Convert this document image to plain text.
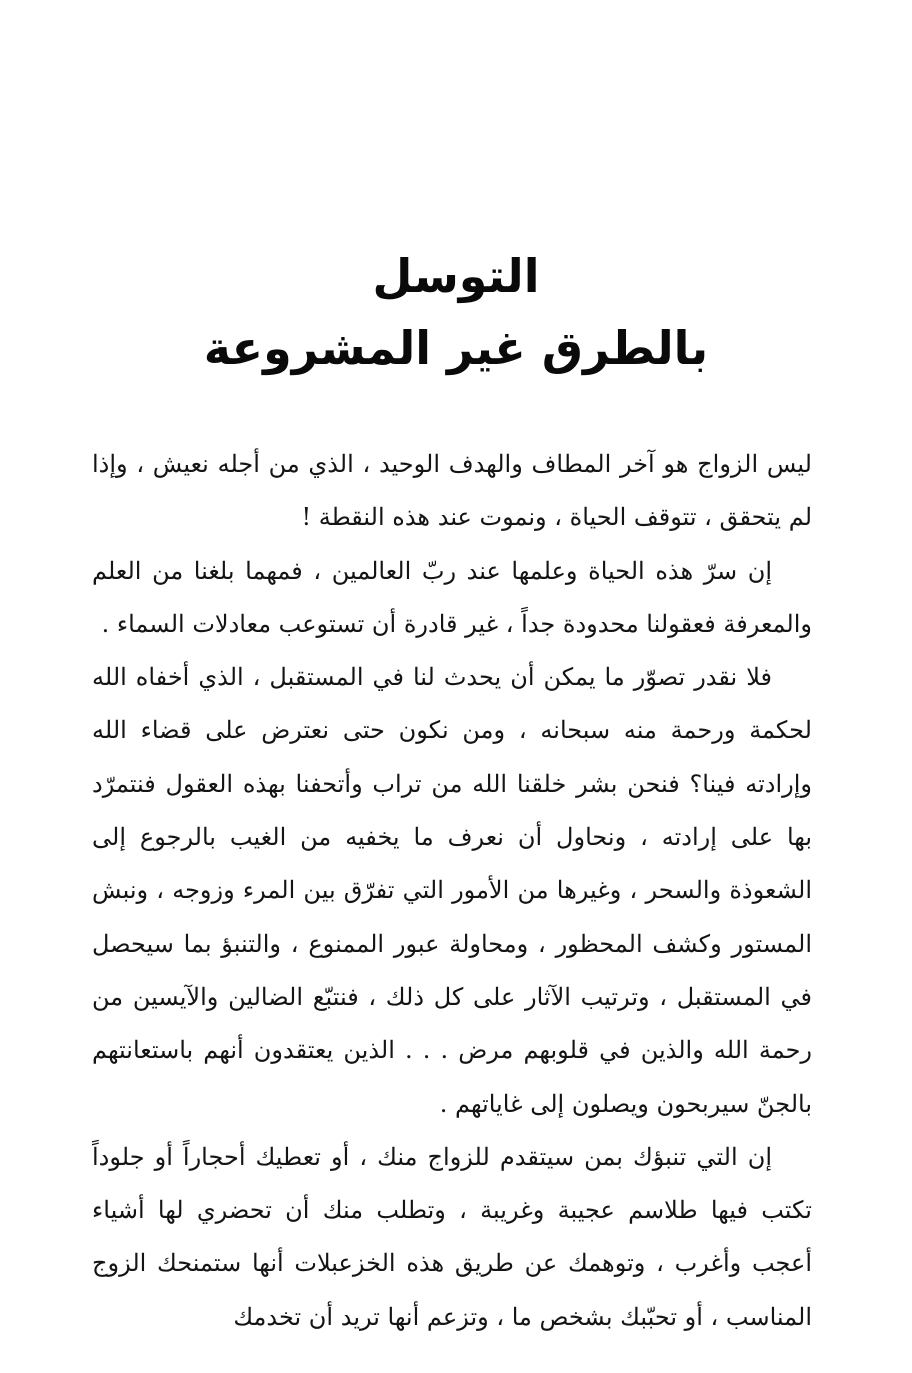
التوسل
بالطرق غير المشروعة

ليس الزواج هو آخر المطاف والهدف الوحيد ، الذي من أجله نعيش ، وإذا لم يتحقق ، تتوقف الحياة ، ونموت عند هذه النقطة !

إن سرّ هذه الحياة وعلمها عند ربّ العالمين ، فمهما بلغنا من العلم والمعرفة فعقولنا محدودة جداً ، غير قادرة أن تستوعب معادلات السماء .

فلا نقدر تصوّر ما يمكن أن يحدث لنا في المستقبل ، الذي أخفاه الله لحكمة ورحمة منه سبحانه ، ومن نكون حتى نعترض على قضاء الله وإرادته فينا؟ فنحن بشر خلقنا الله من تراب وأتحفنا بهذه العقول فنتمرّد بها على إرادته ، ونحاول أن نعرف ما يخفيه من الغيب بالرجوع إلى الشعوذة والسحر ، وغيرها من الأمور التي تفرّق بين المرء وزوجه ، ونبش المستور وكشف المحظور ، ومحاولة عبور الممنوع ، والتنبؤ بما سيحصل في المستقبل ، وترتيب الآثار على كل ذلك ، فنتبّع الضالين والآيسين من رحمة الله والذين في قلوبهم مرض . . . الذين يعتقدون أنهم باستعانتهم بالجنّ سيربحون ويصلون إلى غاياتهم .

إن التي تنبؤك بمن سيتقدم للزواج منك ، أو تعطيك أحجاراً أو جلوداً تكتب فيها طلاسم عجيبة وغريبة ، وتطلب منك أن تحضري لها أشياء أعجب وأغرب ، وتوهمك عن طريق هذه الخزعبلات أنها ستمنحك الزوج المناسب ، أو تحبّبك بشخص ما ، وتزعم أنها تريد أن تخدمك
